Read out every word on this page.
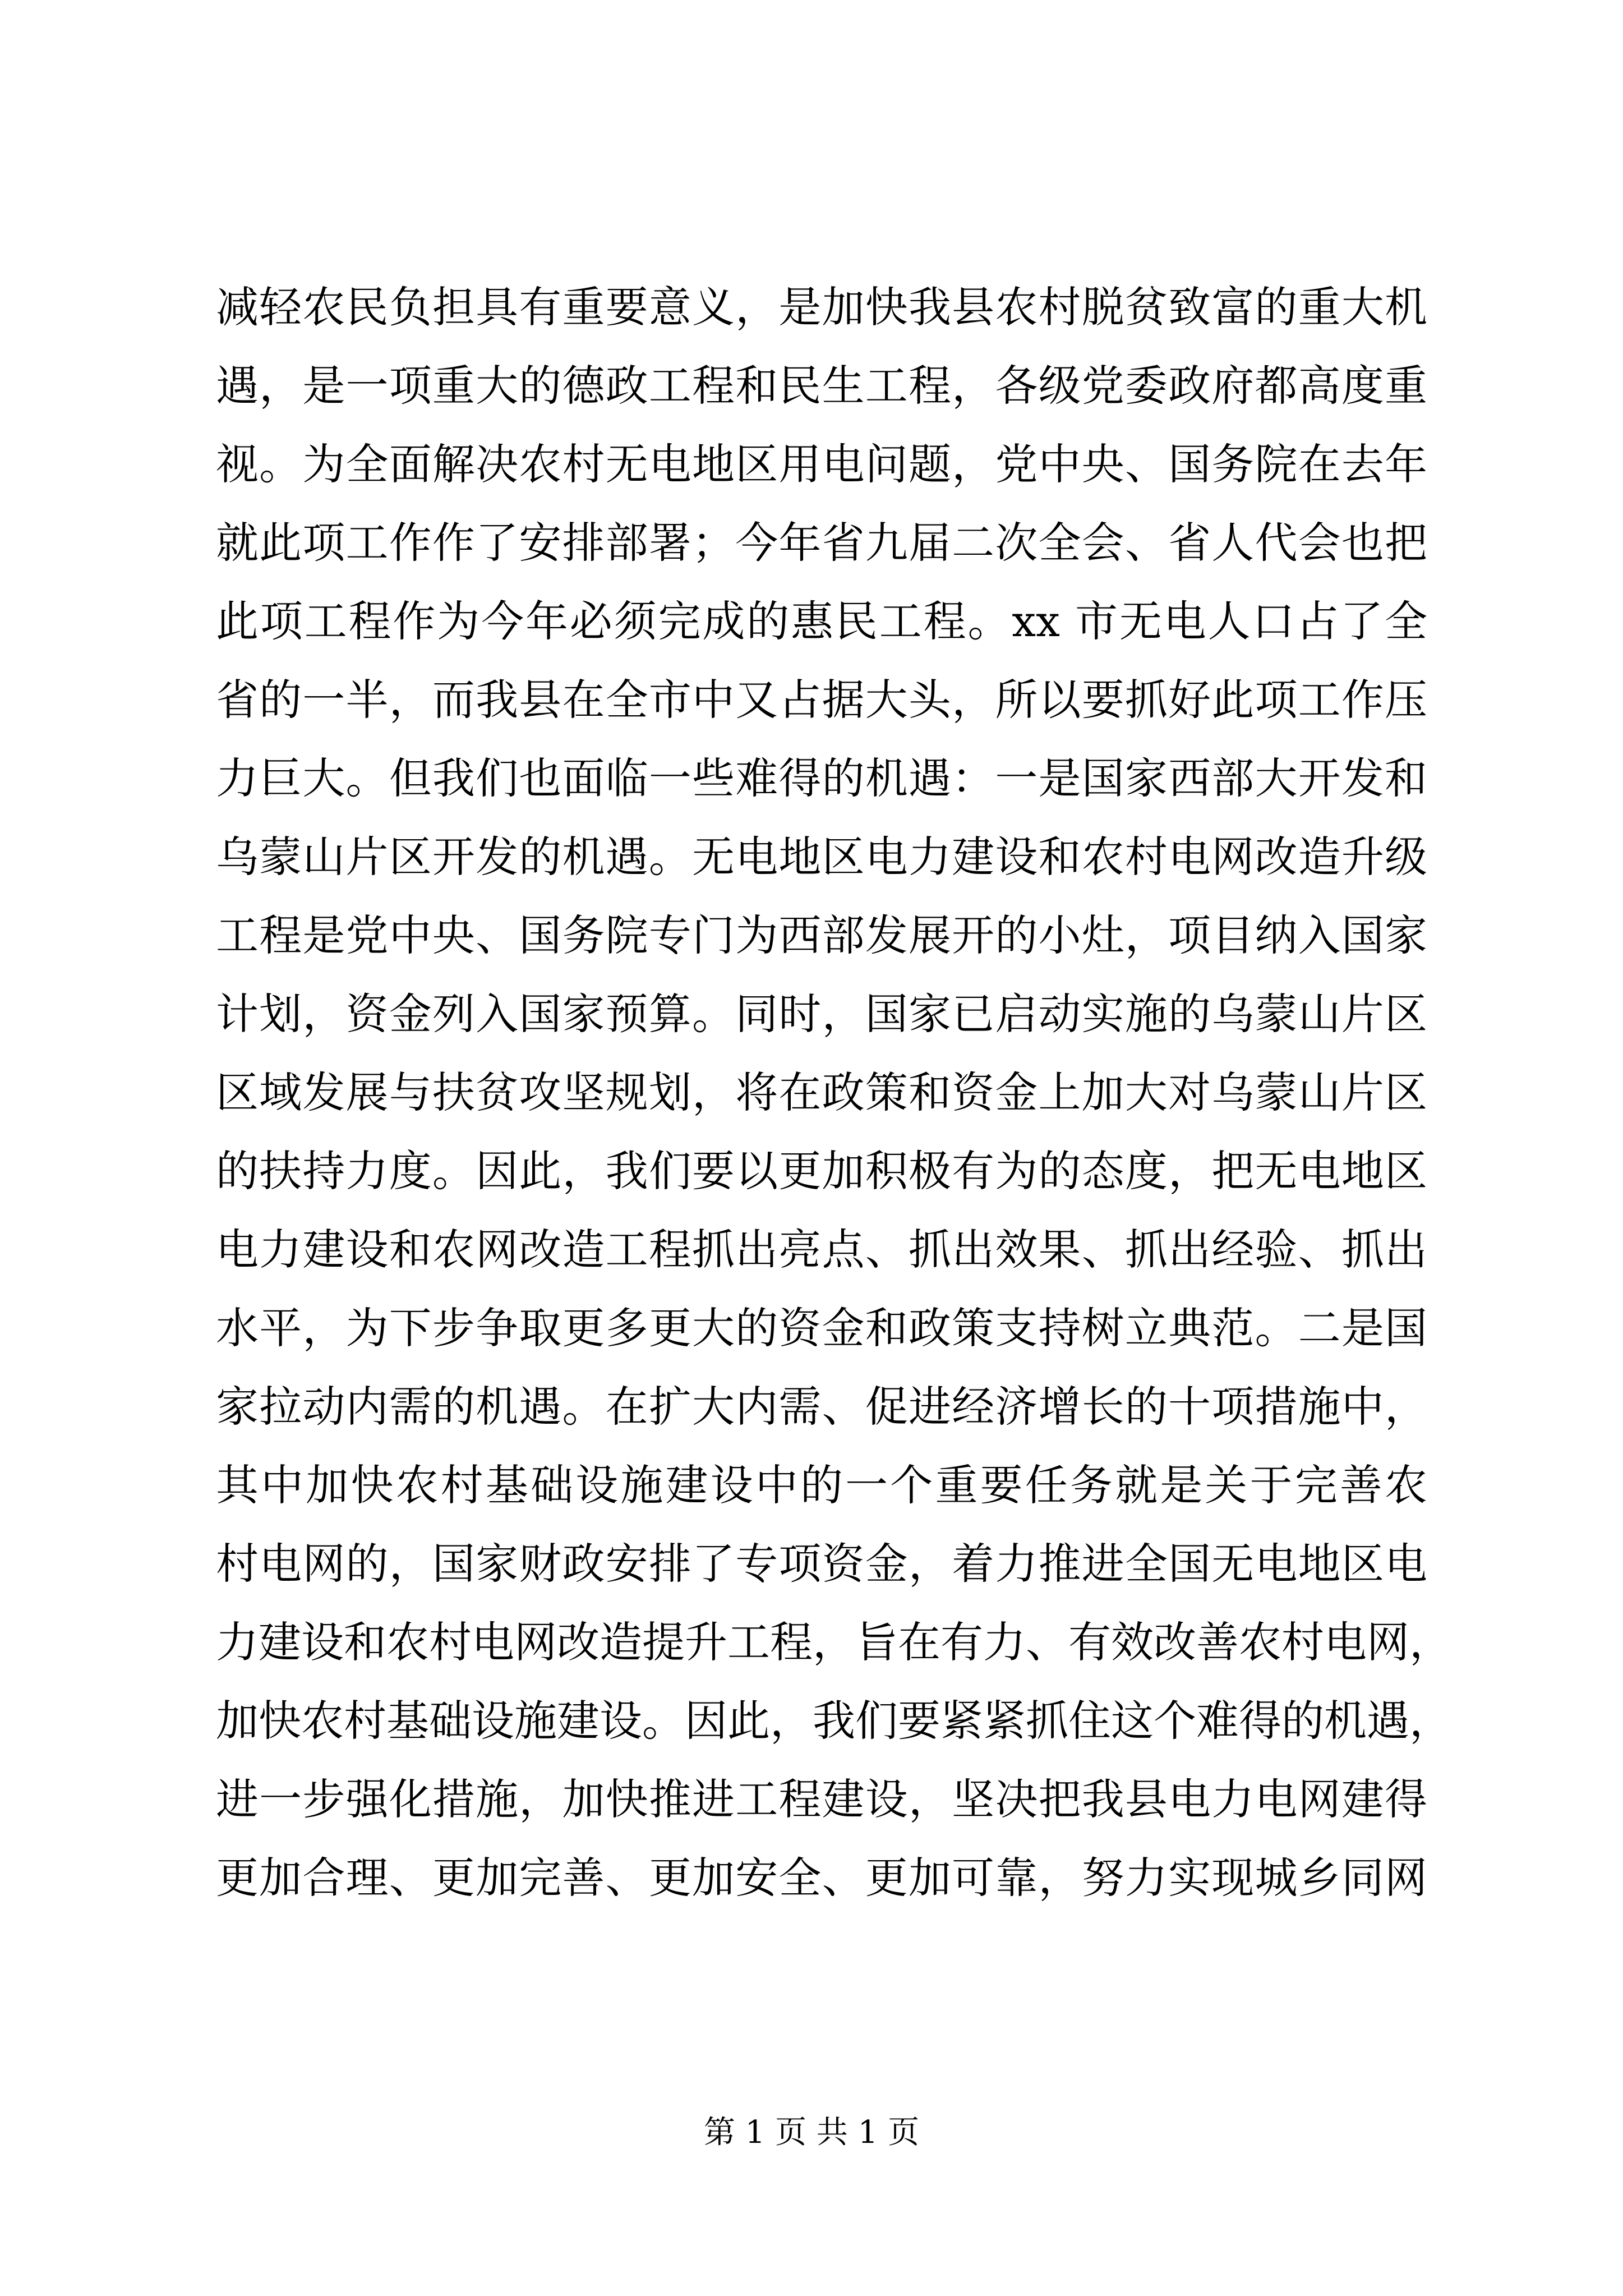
减轻农民负担具有重要意义，是加快我县农村脱贫致富的重大机
遇，是一项重大的德政工程和民生工程，各级党委政府都高度重
视。为全面解决农村无电地区用电问题，党中央、国务院在去年
就此项工作作了安排部署；今年省九届二次全会、省人代会也把
此项工程作为今年必须完成的惠民工程。xx 市无电人口占了全
省的一半，而我县在全市中又占据大头，所以要抓好此项工作压
力巨大。但我们也面临一些难得的机遇：一是国家西部大开发和
乌蒙山片区开发的机遇。无电地区电力建设和农村电网改造升级
工程是党中央、国务院专门为西部发展开的小灶，项目纳入国家
计划，资金列入国家预算。同时，国家已启动实施的乌蒙山片区
区域发展与扶贫攻坚规划，将在政策和资金上加大对乌蒙山片区
的扶持力度。因此，我们要以更加积极有为的态度，把无电地区
电力建设和农网改造工程抓出亮点、抓出效果、抓出经验、抓出
水平，为下步争取更多更大的资金和政策支持树立典范。二是国
家拉动内需的机遇。在扩大内需、促进经济增长的十项措施中，
其中加快农村基础设施建设中的一个重要任务就是关于完善农
村电网的，国家财政安排了专项资金，着力推进全国无电地区电
力建设和农村电网改造提升工程，旨在有力、有效改善农村电网，
加快农村基础设施建设。因此，我们要紧紧抓住这个难得的机遇，
进一步强化措施，加快推进工程建设，坚决把我县电力电网建得
更加合理、更加完善、更加安全、更加可靠，努力实现城乡同网
第 1 页 共 1 页
